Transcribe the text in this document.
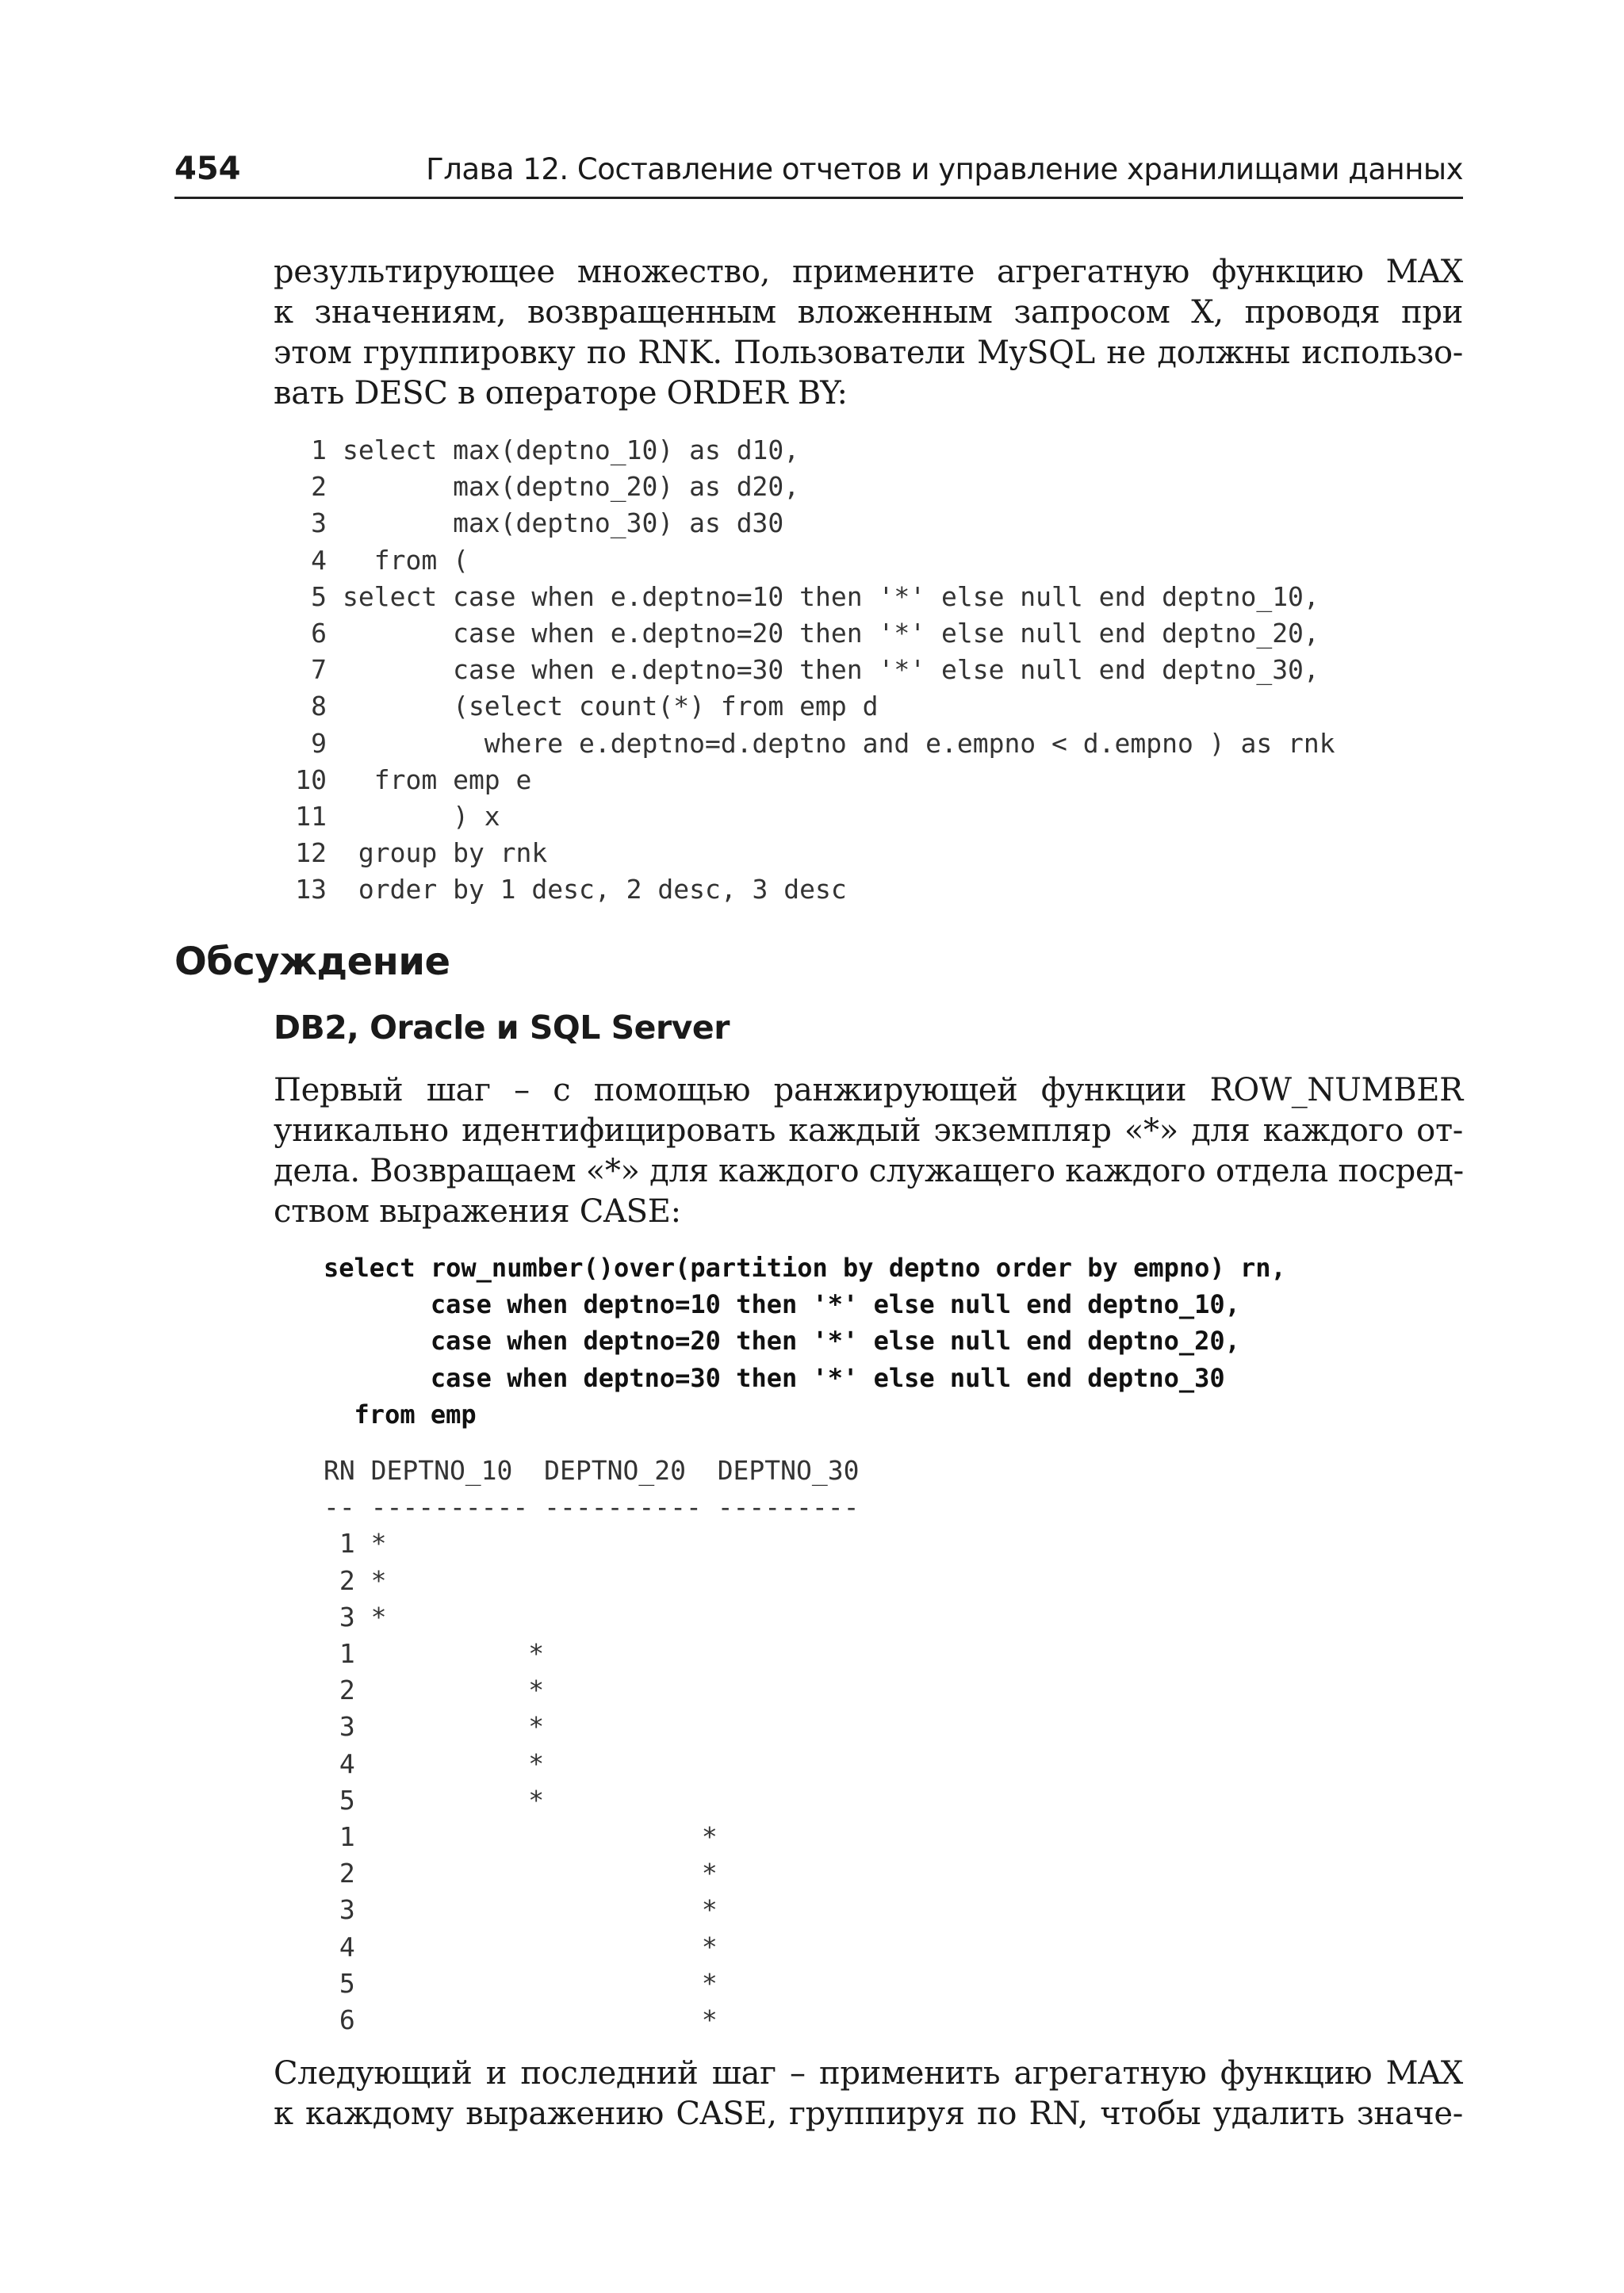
454	Глава 12. Составление отчетов и управление хранилищами данных
результирующее множество, примените агрегатную функцию MAX
к значениям, возвращенным вложенным запросом X, проводя при
этом группировку по RNK. Пользователи MySQL не должны использо-
вать DESC в операторе ORDER BY:
1 select max(deptno_10) as d10,
2       max(deptno_20) as d20,
3       max(deptno_30) as d30
4  from (
5 select case when e.deptno=10 then '*' else null end deptno_10,
6       case when e.deptno=20 then '*' else null end deptno_20,
7       case when e.deptno=30 then '*' else null end deptno_30,
8       (select count(*) from emp d
9         where e.deptno=d.deptno and e.empno < d.empno ) as rnk
10  from emp e
11       ) x
12 group by rnk
13 order by 1 desc, 2 desc, 3 desc
Обсуждение
DB2, Oracle и SQL Server
Первый шаг – с помощью ранжирующей функции ROW_NUMBER
уникально идентифицировать каждый экземпляр «*» для каждого от-
дела. Возвращаем «*» для каждого служащего каждого отдела посред-
ством выражения CASE:
select row_number()over(partition by deptno order by empno) rn,
case when deptno=10 then '*' else null end deptno_10,
case when deptno=20 then '*' else null end deptno_20,
case when deptno=30 then '*' else null end deptno_30
from emp
RN DEPTNO_10  DEPTNO_20  DEPTNO_30
-- ---------- ---------- ---------
1 *
2 *
3 *
1           *
2           *
3           *
4           *
5           *
1                      *
2                      *
3                      *
4                      *
5                      *
6                      *
Следующий и последний шаг – применить агрегатную функцию MAX
к каждому выражению CASE, группируя по RN, чтобы удалить значе-
